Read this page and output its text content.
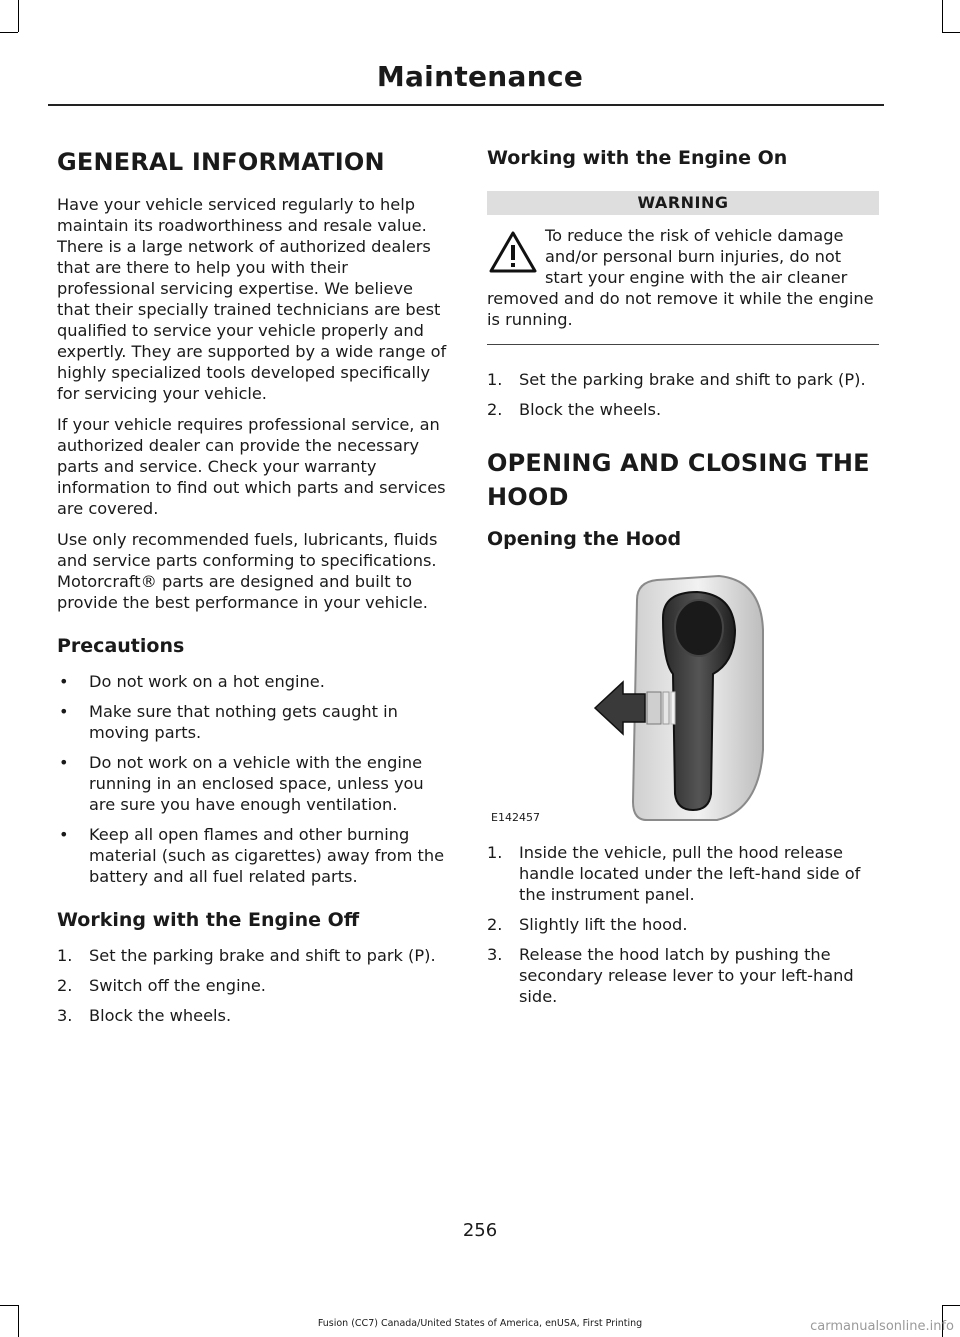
Maintenance
GENERAL INFORMATION

Have your vehicle serviced regularly to help maintain its roadworthiness and resale value. There is a large network of authorized dealers that are there to help you with their professional servicing expertise. We believe that their specially trained technicians are best qualified to service your vehicle properly and expertly. They are supported by a wide range of highly specialized tools developed specifically for servicing your vehicle.

If your vehicle requires professional service, an authorized dealer can provide the necessary parts and service. Check your warranty information to find out which parts and services are covered.

Use only recommended fuels, lubricants, fluids and service parts conforming to specifications. Motorcraft® parts are designed and built to provide the best performance in your vehicle.

Precautions
• Do not work on a hot engine.
• Make sure that nothing gets caught in moving parts.
• Do not work on a vehicle with the engine running in an enclosed space, unless you are sure you have enough ventilation.
• Keep all open flames and other burning material (such as cigarettes) away from the battery and all fuel related parts.
Working with the Engine Off
1. Set the parking brake and shift to park (P).
2. Switch off the engine.
3. Block the wheels.
Working with the Engine On
WARNING
To reduce the risk of vehicle damage and/or personal burn injuries, do not start your engine with the air cleaner removed and do not remove it while the engine is running.
1. Set the parking brake and shift to park (P).
2. Block the wheels.
OPENING AND CLOSING THE
HOOD
Opening the Hood
E142457
1. Inside the vehicle, pull the hood release handle located under the left-hand side of the instrument panel.
2. Slightly lift the hood.
3. Release the hood latch by pushing the secondary release lever to your left-hand side.
256
Fusion (CC7) Canada/United States of America, enUSA, First Printing	carmanualsonline.info
